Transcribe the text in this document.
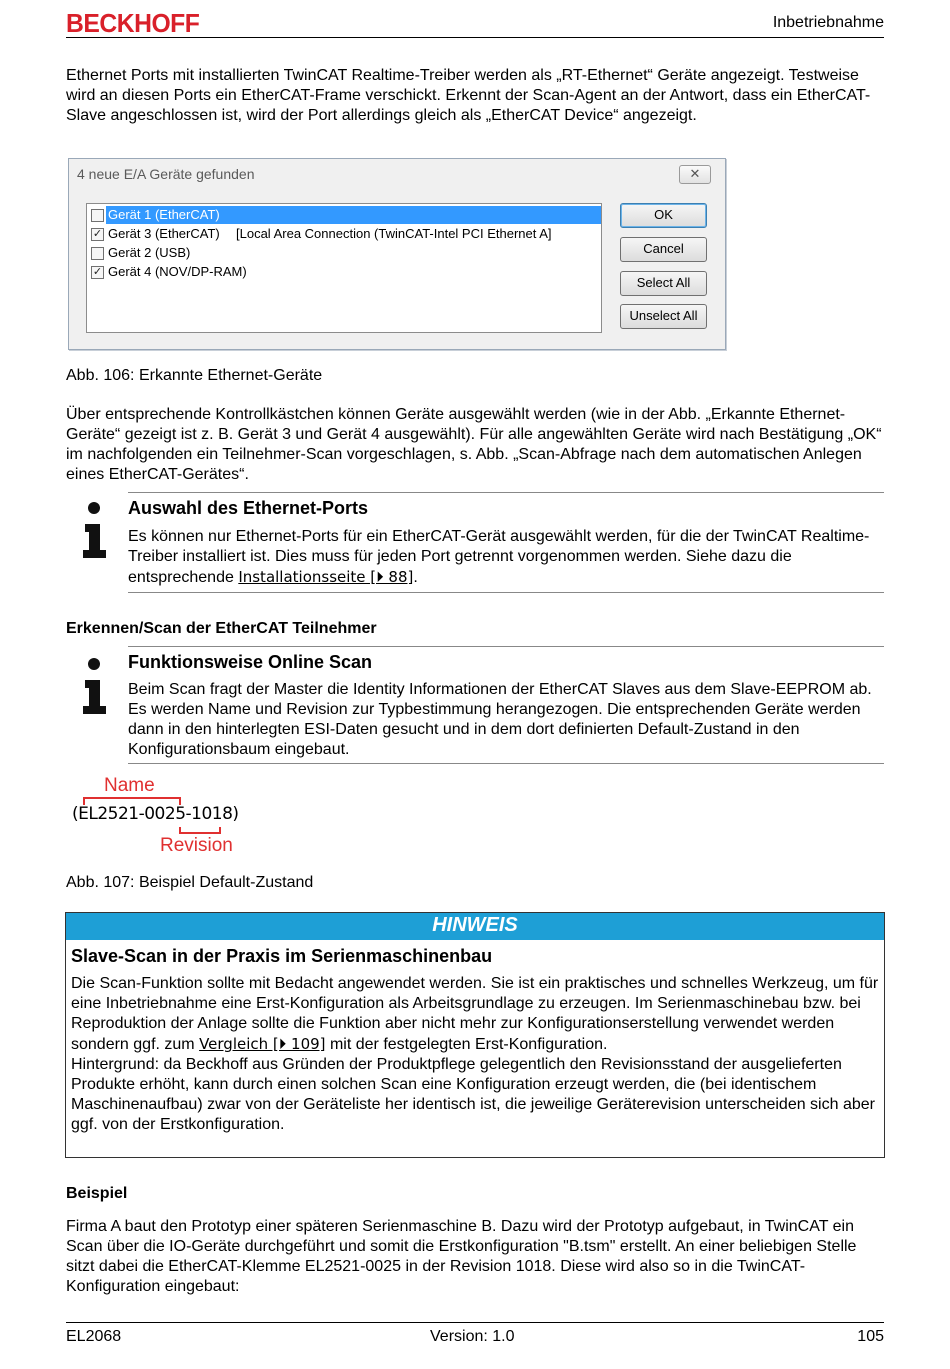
BECKHOFF	Inbetriebnahme
Ethernet Ports mit installierten TwinCAT Realtime-Treiber werden als „RT-Ethernet“ Geräte angezeigt. Testweise wird an diesen Ports ein EtherCAT-Frame verschickt. Erkennt der Scan-Agent an der Antwort, dass ein EtherCAT-Slave angeschlossen ist, wird der Port allerdings gleich als „EtherCAT Device“ angezeigt.
4 neue E/A Geräte gefunden	✕
Gerät 1 (EtherCAT)
✓ Gerät 3 (EtherCAT) [Local Area Connection (TwinCAT-Intel PCI Ethernet A]
Gerät 2 (USB)
✓ Gerät 4 (NOV/DP-RAM)
OK
Cancel
Select All
Unselect All
Abb. 106: Erkannte Ethernet-Geräte
Über entsprechende Kontrollkästchen können Geräte ausgewählt werden (wie in der Abb. „Erkannte Ethernet-Geräte“ gezeigt ist z. B. Gerät 3 und Gerät 4 ausgewählt). Für alle angewählten Geräte wird nach Bestätigung „OK“ im nachfolgenden ein Teilnehmer-Scan vorgeschlagen, s. Abb. „Scan-Abfrage nach dem automatischen Anlegen eines EtherCAT-Gerätes“.
Auswahl des Ethernet-Ports
Es können nur Ethernet-Ports für ein EtherCAT-Gerät ausgewählt werden, für die der TwinCAT Realtime-Treiber installiert ist. Dies muss für jeden Port getrennt vorgenommen werden. Siehe dazu die entsprechende Installationsseite [⏵ 88].
Erkennen/Scan der EtherCAT Teilnehmer
Funktionsweise Online Scan
Beim Scan fragt der Master die Identity Informationen der EtherCAT Slaves aus dem Slave-EEPROM ab. Es werden Name und Revision zur Typbestimmung herangezogen. Die entsprechenden Geräte werden dann in den hinterlegten ESI-Daten gesucht und in dem dort definierten Default-Zustand in den Konfigurationsbaum eingebaut.
Name
(EL2521-0025-1018)
Revision
Abb. 107: Beispiel Default-Zustand
HINWEIS
Slave-Scan in der Praxis im Serienmaschinenbau
Die Scan-Funktion sollte mit Bedacht angewendet werden. Sie ist ein praktisches und schnelles Werkzeug, um für eine Inbetriebnahme eine Erst-Konfiguration als Arbeitsgrundlage zu erzeugen. Im Serienmaschinebau bzw. bei Reproduktion der Anlage sollte die Funktion aber nicht mehr zur Konfigurationserstellung verwendet werden sondern ggf. zum Vergleich [⏵ 109] mit der festgelegten Erst-Konfiguration.
Hintergrund: da Beckhoff aus Gründen der Produktpflege gelegentlich den Revisionsstand der ausgelieferten Produkte erhöht, kann durch einen solchen Scan eine Konfiguration erzeugt werden, die (bei identischem Maschinenaufbau) zwar von der Geräteliste her identisch ist, die jeweilige Geräterevision unterscheiden sich aber ggf. von der Erstkonfiguration.
Beispiel
Firma A baut den Prototyp einer späteren Serienmaschine B. Dazu wird der Prototyp aufgebaut, in TwinCAT ein Scan über die IO-Geräte durchgeführt und somit die Erstkonfiguration "B.tsm" erstellt. An einer beliebigen Stelle sitzt dabei die EtherCAT-Klemme EL2521-0025 in der Revision 1018. Diese wird also so in die TwinCAT-Konfiguration eingebaut:
EL2068	Version: 1.0	105
